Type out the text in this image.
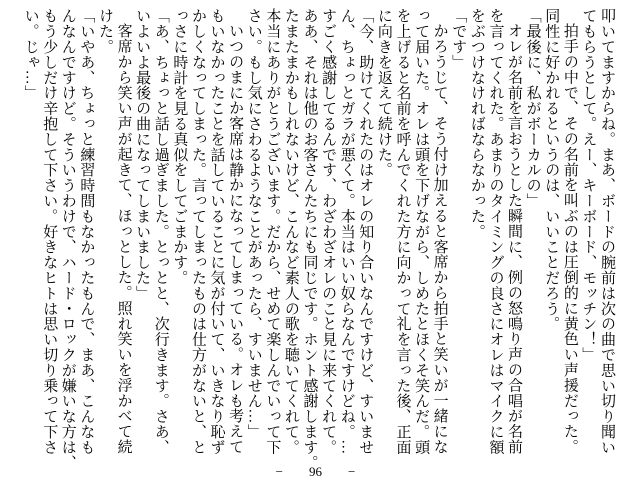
叩いてますからね。まあ、ボードの腕前は次の曲で思い切り聞い
てもらうとして。えー、キーボード、モッチン！」
拍手の中で、その名前を叫ぶのは圧倒的に黄色い声援だった。
同性に好かれるというのは、いいことだろう。
「最後に、私がボーカルの」
オレが名前を言おうとした瞬間に、例の怒鳴り声の合唱が名前
を言ってくれた。あまりのタイミングの良さにオレはマイクに額
をぶつけなければならなかった。
「です」
かろうじて、そう付け加えると客席から拍手と笑いが一緒にな
って届いた。オレは頭を下げながら、しめたとほくそ笑んだ。頭
を上げると名前を呼んでくれた方に向かって礼を言った後、正面
に向きを返えて続けた。
「今、助けてくれたのはオレの知り合いなんですけど、すいませ
ん、ちょっとガラが悪くて。本当はいい奴らなんですけどね。…
すごく感謝してるんです、わざわざオレのこと見に来てくれて。
ああ、それは他のお客さんたちにも同じです。ホント感謝します。
たまたまかもしれないけど、こんなど素人の歌を聴いてくれて。
本当にありがとうございます。だから、せめて楽しんでいって下
さい。もし気にさわるようなことがあったら、すいません…」
いつのまにか客席は静かになってしまっている。オレも考えて
もいなかったことを話していることに気が付いて、いきなり恥ず
かしくなってしまった。言ってしまったものは仕方がないと、と
っさに時計を見る真似をしてごまかす。
「あ、ちょっと話し過ぎました。とっとと、次行きます。さあ、
いよいよ最後の曲になってしまいました」
客席から笑い声が起きて、ほっとした。照れ笑いを浮かべて続
けた。
「いやあ、ちょっと練習時間もなかったもんで、まあ、こんなも
んなんですけど。そういうわけで、ハード・ロックが嫌いな方は、
もう少しだけ辛抱して下さい。好きなヒトは思い切り乗って下さ
い。じゃ…」
− 96 −
